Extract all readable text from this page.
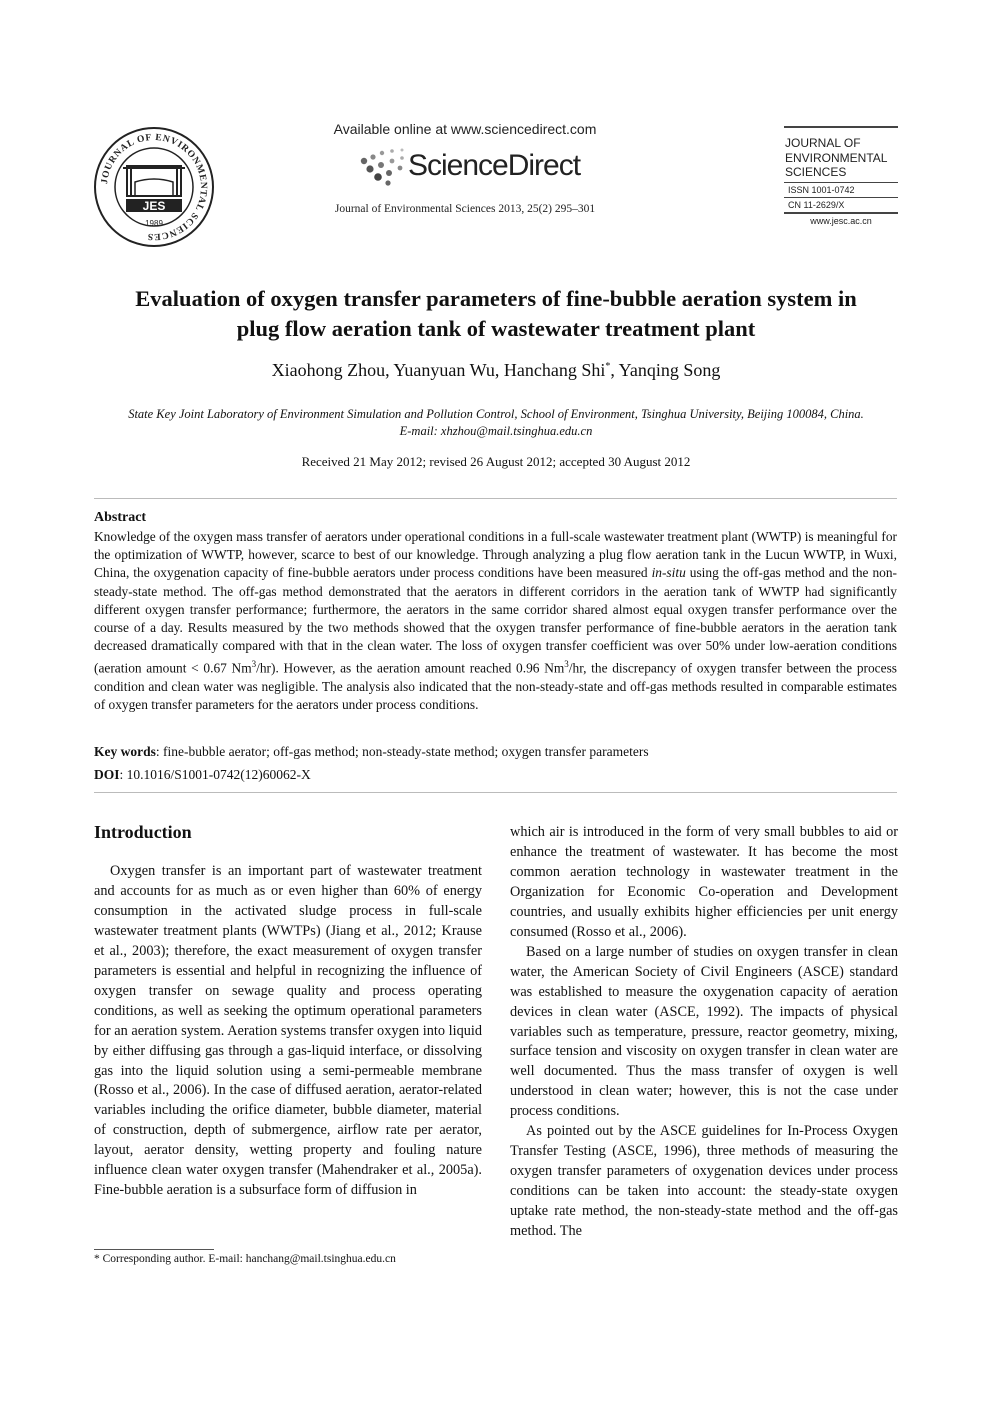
JOURNAL OF ENVIRONMENTAL SCIENCES
JES
1989
Available online at www.sciencedirect.com
ScienceDirect
Journal of Environmental Sciences 2013, 25(2) 295–301
JOURNAL OF
ENVIRONMENTAL
SCIENCES
ISSN 1001-0742
CN 11-2629/X
www.jesc.ac.cn
Evaluation of oxygen transfer parameters of fine-bubble aeration system in
plug flow aeration tank of wastewater treatment plant
Xiaohong Zhou, Yuanyuan Wu, Hanchang Shi*, Yanqing Song
State Key Joint Laboratory of Environment Simulation and Pollution Control, School of Environment, Tsinghua University, Beijing 100084, China.
E-mail: xhzhou@mail.tsinghua.edu.cn
Received 21 May 2012; revised 26 August 2012; accepted 30 August 2012
Abstract
Knowledge of the oxygen mass transfer of aerators under operational conditions in a full-scale wastewater treatment plant (WWTP) is meaningful for the optimization of WWTP, however, scarce to best of our knowledge. Through analyzing a plug flow aeration tank in the Lucun WWTP, in Wuxi, China, the oxygenation capacity of fine-bubble aerators under process conditions have been measured in-situ using the off-gas method and the non-steady-state method. The off-gas method demonstrated that the aerators in different corridors in the aeration tank of WWTP had significantly different oxygen transfer performance; furthermore, the aerators in the same corridor shared almost equal oxygen transfer performance over the course of a day. Results measured by the two methods showed that the oxygen transfer performance of fine-bubble aerators in the aeration tank decreased dramatically compared with that in the clean water. The loss of oxygen transfer coefficient was over 50% under low-aeration conditions (aeration amount < 0.67 Nm$^3$/hr). However, as the aeration amount reached 0.96 Nm$^3$/hr, the discrepancy of oxygen transfer between the process condition and clean water was negligible. The analysis also indicated that the non-steady-state and off-gas methods resulted in comparable estimates of oxygen transfer parameters for the aerators under process conditions.
Key words: fine-bubble aerator; off-gas method; non-steady-state method; oxygen transfer parameters
DOI: 10.1016/S1001-0742(12)60062-X
Introduction

Oxygen transfer is an important part of wastewater treatment and accounts for as much as or even higher than 60% of energy consumption in the activated sludge process in full-scale wastewater treatment plants (WWTPs) (Jiang et al., 2012; Krause et al., 2003); therefore, the exact measurement of oxygen transfer parameters is essential and helpful in recognizing the influence of oxygen transfer on sewage quality and process operating conditions, as well as seeking the optimum operational parameters for an aeration system. Aeration systems transfer oxygen into liquid by either diffusing gas through a gas-liquid interface, or dissolving gas into the liquid solution using a semi-permeable membrane (Rosso et al., 2006). In the case of diffused aeration, aerator-related variables including the orifice diameter, bubble diameter, material of construction, depth of submergence, airflow rate per aerator, layout, aerator density, wetting property and fouling nature influence clean water oxygen transfer (Mahendraker et al., 2005a). Fine-bubble aeration is a subsurface form of diffusion in

which air is introduced in the form of very small bubbles to aid or enhance the treatment of wastewater. It has become the most common aeration technology in wastewater treatment in the Organization for Economic Co-operation and Development countries, and usually exhibits higher efficiencies per unit energy consumed (Rosso et al., 2006).

Based on a large number of studies on oxygen transfer in clean water, the American Society of Civil Engineers (ASCE) standard was established to measure the oxygenation capacity of aeration devices in clean water (ASCE, 1992). The impacts of physical variables such as temperature, pressure, reactor geometry, mixing, surface tension and viscosity on oxygen transfer in clean water are well documented. Thus the mass transfer of oxygen is well understood in clean water; however, this is not the case under process conditions.

As pointed out by the ASCE guidelines for In-Process Oxygen Transfer Testing (ASCE, 1996), three methods of measuring the oxygen transfer parameters of oxygenation devices under process conditions can be taken into account: the steady-state oxygen uptake rate method, the non-steady-state method and the off-gas method. The

* Corresponding author. E-mail: hanchang@mail.tsinghua.edu.cn
